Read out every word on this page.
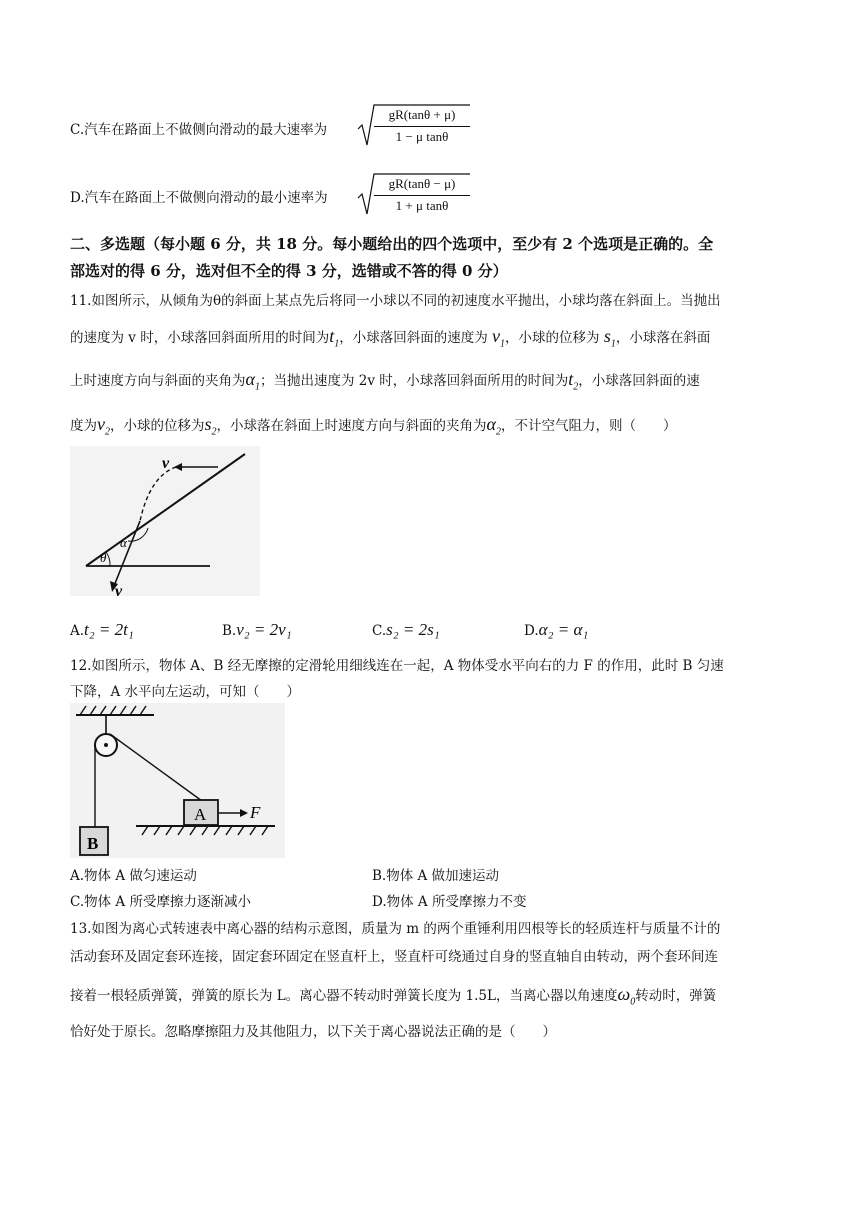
C.汽车在路面上不做侧向滑动的最大速率为	$\frac{gR(\tan\theta + \mu)}{\text{1 − μ tanθ}}$
D.汽车在路面上不做侧向滑动的最小速率为	$\frac{gR(\tan\theta - \mu)}{\text{1 + μ tanθ}}$
二、多选题（每小题 6 分，共 18 分。每小题给出的四个选项中，至少有 2 个选项是正确的。全
部选对的得 6 分，选对但不全的得 3 分，选错或不答的得 0 分）
11.如图所示，从倾角为θ的斜面上某点先后将同一小球以不同的初速度水平抛出，小球均落在斜面上。当抛出
的速度为 v 时，小球落回斜面所用的时间为$t_1$，小球落回斜面的速度为 $v_1$，小球的位移为 $s_1$，小球落在斜面
上时速度方向与斜面的夹角为$\alpha_1$；当抛出速度为 2v 时，小球落回斜面所用的时间为$t_2$，小球落回斜面的速
度为$v_2$，小球的位移为$s_2$，小球落在斜面上时速度方向与斜面的夹角为$\alpha_2$，不计空气阻力，则（　　）
v
v
α
θ
A.t₂ = 2t₁	B.v₂ = 2v₁	C.s₂ = 2s₁	D.α₂ = α₁
12.如图所示，物体 A、B 经无摩擦的定滑轮用细线连在一起，A 物体受水平向右的力 F 的作用，此时 B 匀速
下降，A 水平向左运动，可知（　　）
A
B
F
A.物体 A 做匀速运动	B.物体 A 做加速运动
C.物体 A 所受摩擦力逐渐减小	D.物体 A 所受摩擦力不变
13.如图为离心式转速表中离心器的结构示意图，质量为 m 的两个重锤利用四根等长的轻质连杆与质量不计的
活动套环及固定套环连接，固定套环固定在竖直杆上，竖直杆可绕通过自身的竖直轴自由转动，两个套环间连
接着一根轻质弹簧，弹簧的原长为 L。离心器不转动时弹簧长度为 1.5L，当离心器以角速度$\omega_0$转动时，弹簧
恰好处于原长。忽略摩擦阻力及其他阻力，以下关于离心器说法正确的是（　　）
